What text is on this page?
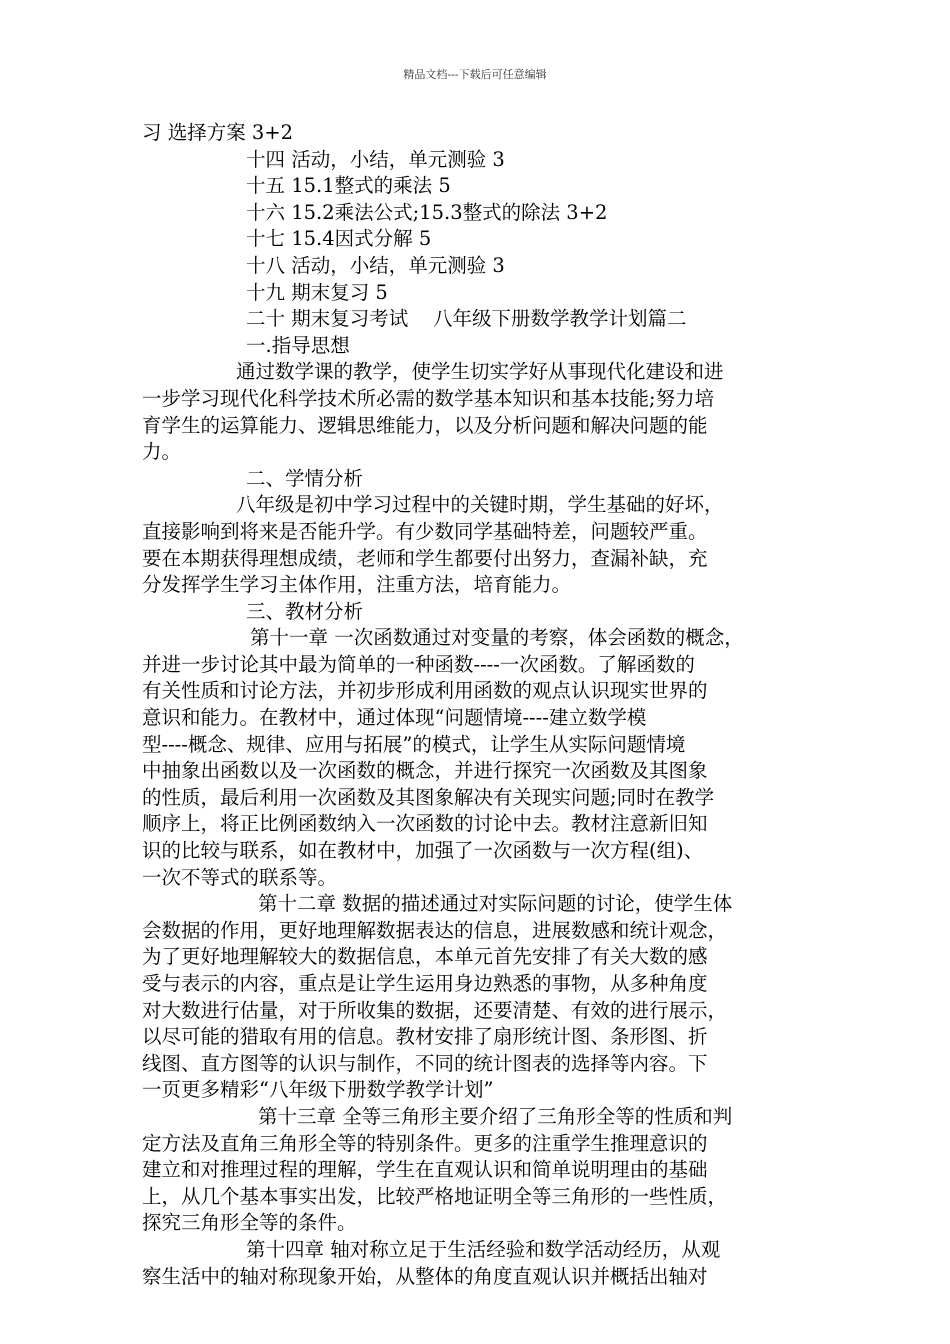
精品文档---下载后可任意编辑
习 选择方案 3+2
十四 活动，小结，单元测验 3
十五 15.1整式的乘法 5
十六 15.2乘法公式;15.3整式的除法 3+2
十七 15.4因式分解 5
十八 活动，小结，单元测验 3
十九 期末复习 5
二十 期末复习考试    八年级下册数学教学计划篇二
一.指导思想
通过数学课的教学，使学生切实学好从事现代化建设和进
一步学习现代化科学技术所必需的数学基本知识和基本技能;努力培
育学生的运算能力、逻辑思维能力，以及分析问题和解决问题的能
力。
二、学情分析
八年级是初中学习过程中的关键时期，学生基础的好坏，
直接影响到将来是否能升学。有少数同学基础特差，问题较严重。
要在本期获得理想成绩，老师和学生都要付出努力，查漏补缺，充
分发挥学生学习主体作用，注重方法，培育能力。
三、教材分析
第十一章 一次函数通过对变量的考察，体会函数的概念，
并进一步讨论其中最为简单的一种函数----一次函数。了解函数的
有关性质和讨论方法，并初步形成利用函数的观点认识现实世界的
意识和能力。在教材中，通过体现“问题情境----建立数学模
型----概念、规律、应用与拓展”的模式，让学生从实际问题情境
中抽象出函数以及一次函数的概念，并进行探究一次函数及其图象
的性质，最后利用一次函数及其图象解决有关现实问题;同时在教学
顺序上，将正比例函数纳入一次函数的讨论中去。教材注意新旧知
识的比较与联系，如在教材中，加强了一次函数与一次方程(组)、
一次不等式的联系等。
第十二章 数据的描述通过对实际问题的讨论，使学生体
会数据的作用，更好地理解数据表达的信息，进展数感和统计观念，
为了更好地理解较大的数据信息，本单元首先安排了有关大数的感
受与表示的内容，重点是让学生运用身边熟悉的事物，从多种角度
对大数进行估量，对于所收集的数据，还要清楚、有效的进行展示，
以尽可能的猎取有用的信息。教材安排了扇形统计图、条形图、折
线图、直方图等的认识与制作，不同的统计图表的选择等内容。下
一页更多精彩“八年级下册数学教学计划”
第十三章 全等三角形主要介绍了三角形全等的性质和判
定方法及直角三角形全等的特别条件。更多的注重学生推理意识的
建立和对推理过程的理解，学生在直观认识和简单说明理由的基础
上，从几个基本事实出发，比较严格地证明全等三角形的一些性质，
探究三角形全等的条件。
第十四章 轴对称立足于生活经验和数学活动经历，从观
察生活中的轴对称现象开始，从整体的角度直观认识并概括出轴对
